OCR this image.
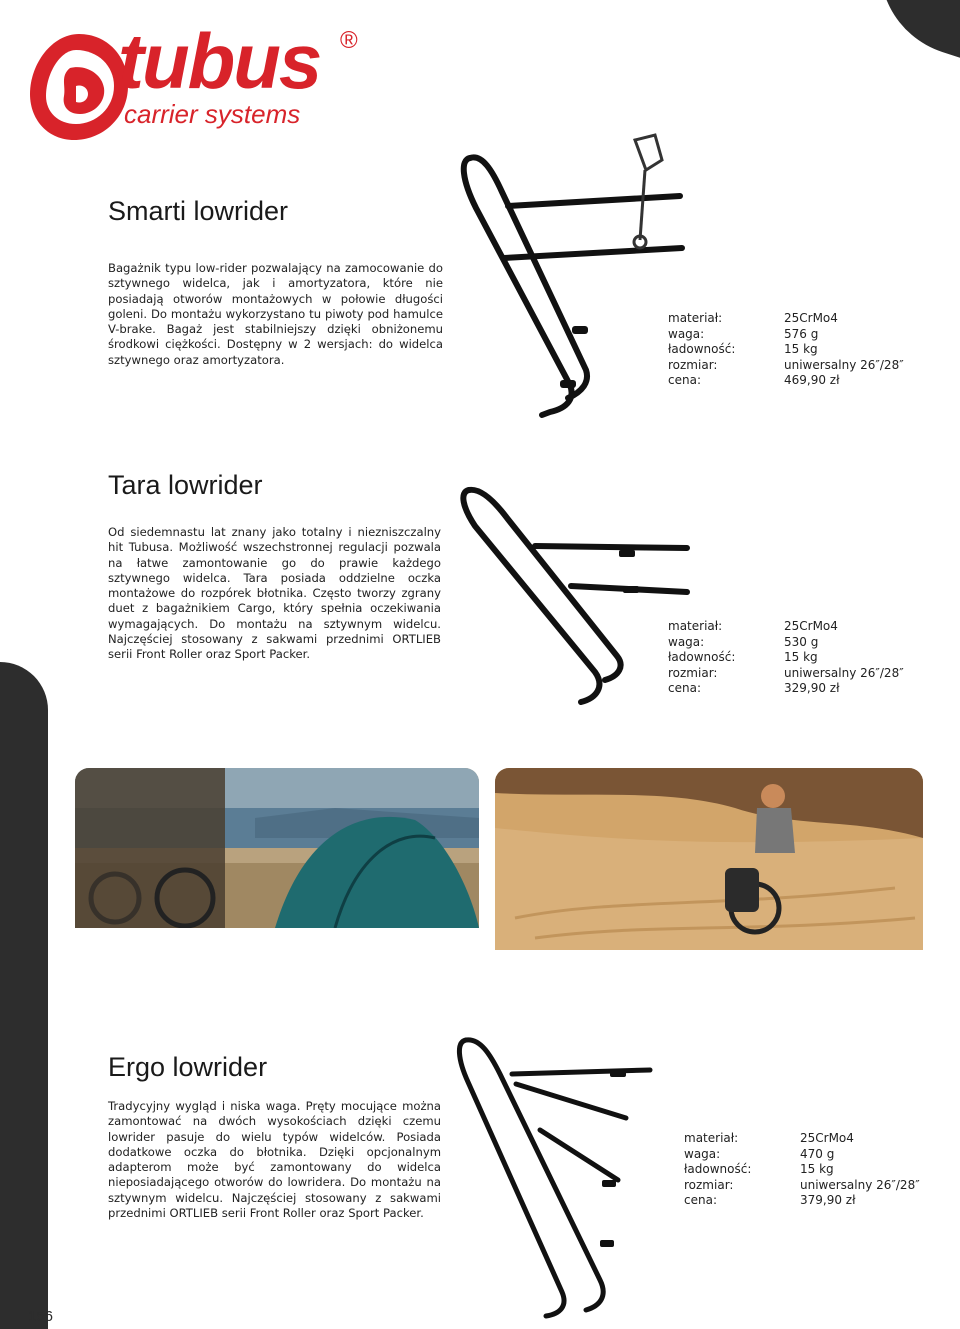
tubus ®
carrier systems
Smarti lowrider

Bagażnik typu low-rider pozwalający na zamocowanie do sztywnego widelca, jak i amortyzatora, które nie posiadają otworów montażowych w połowie długości goleni. Do montażu wykorzystano tu piwoty pod hamulce V-brake. Bagaż jest stabilniejszy dzięki obniżonemu środkowi ciężkości. Dostępny w 2 wersjach: do widelca sztywnego oraz amortyzatora.

materiał:	25CrMo4
waga:	576 g
ładowność:	15 kg
rozmiar:	uniwersalny 26″/28″
cena:	469,90 zł
Tara lowrider

Od siedemnastu lat znany jako totalny i niezniszczalny hit Tubusa. Możliwość wszechstronnej regulacji pozwala na łatwe zamontowanie go do prawie każdego sztywnego widelca. Tara posiada oddzielne oczka montażowe do rozpórek błotnika. Często tworzy zgrany duet z bagażnikiem Cargo, który spełnia oczekiwania wymagających. Do montażu na sztywnym widelcu. Najczęściej stosowany z sakwami przednimi ORTLIEB serii Front Roller oraz Sport Packer.

materiał:	25CrMo4
waga:	530 g
ładowność:	15 kg
rozmiar:	uniwersalny 26″/28″
cena:	329,90 zł
Ergo lowrider

Tradycyjny wygląd i niska waga. Pręty mocujące można zamontować na dwóch wysokościach dzięki czemu lowrider pasuje do wielu typów widelców. Posiada dodatkowe oczka do błotnika. Dzięki opcjonalnym adapterom może być zamontowany do widelca nieposiadającego otworów do lowridera. Do montażu na sztywnym widelcu. Najczęściej stosowany z sakwami przednimi ORTLIEB serii Front Roller oraz Sport Packer.

materiał:	25CrMo4
waga:	470 g
ładowność:	15 kg
rozmiar:	uniwersalny 26″/28″
cena:	379,90 zł
156
